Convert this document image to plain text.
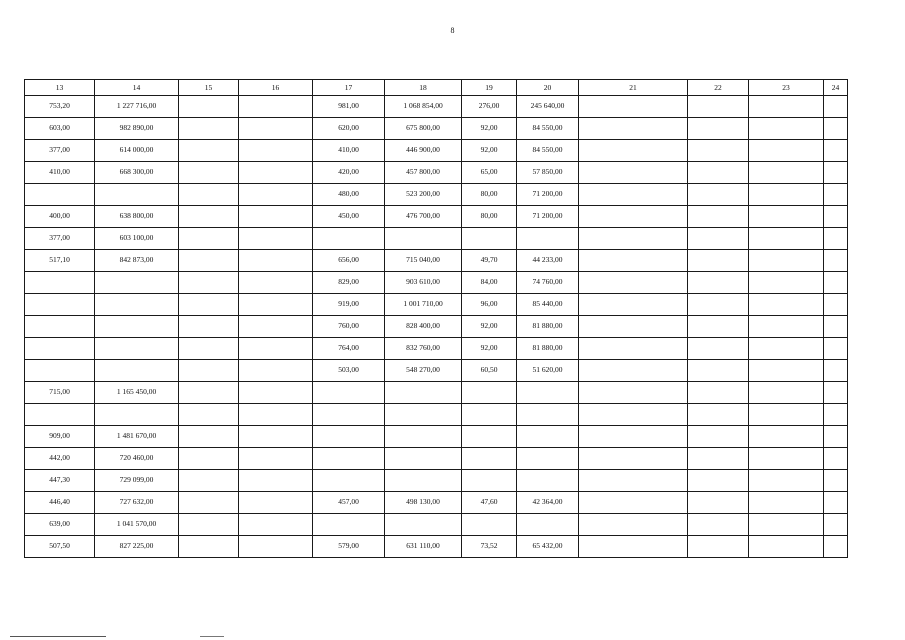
8
13	14	15	16	17	18	19	20	21	22	23	24
753,20	1 227 716,00			981,00	1 068 854,00	276,00	245 640,00				
603,00	982 890,00			620,00	675 800,00	92,00	84 550,00				
377,00	614 000,00			410,00	446 900,00	92,00	84 550,00				
410,00	668 300,00			420,00	457 800,00	65,00	57 850,00				
				480,00	523 200,00	80,00	71 200,00				
400,00	638 800,00			450,00	476 700,00	80,00	71 200,00				
377,00	603 100,00										
517,10	842 873,00			656,00	715 040,00	49,70	44 233,00				
				829,00	903 610,00	84,00	74 760,00				
				919,00	1 001 710,00	96,00	85 440,00				
				760,00	828 400,00	92,00	81 880,00				
				764,00	832 760,00	92,00	81 880,00				
				503,00	548 270,00	60,50	51 620,00				
715,00	1 165 450,00										

909,00	1 481 670,00										
442,00	720 460,00										
447,30	729 099,00										
446,40	727 632,00			457,00	498 130,00	47,60	42 364,00				
639,00	1 041 570,00										
507,50	827 225,00			579,00	631 110,00	73,52	65 432,00				
